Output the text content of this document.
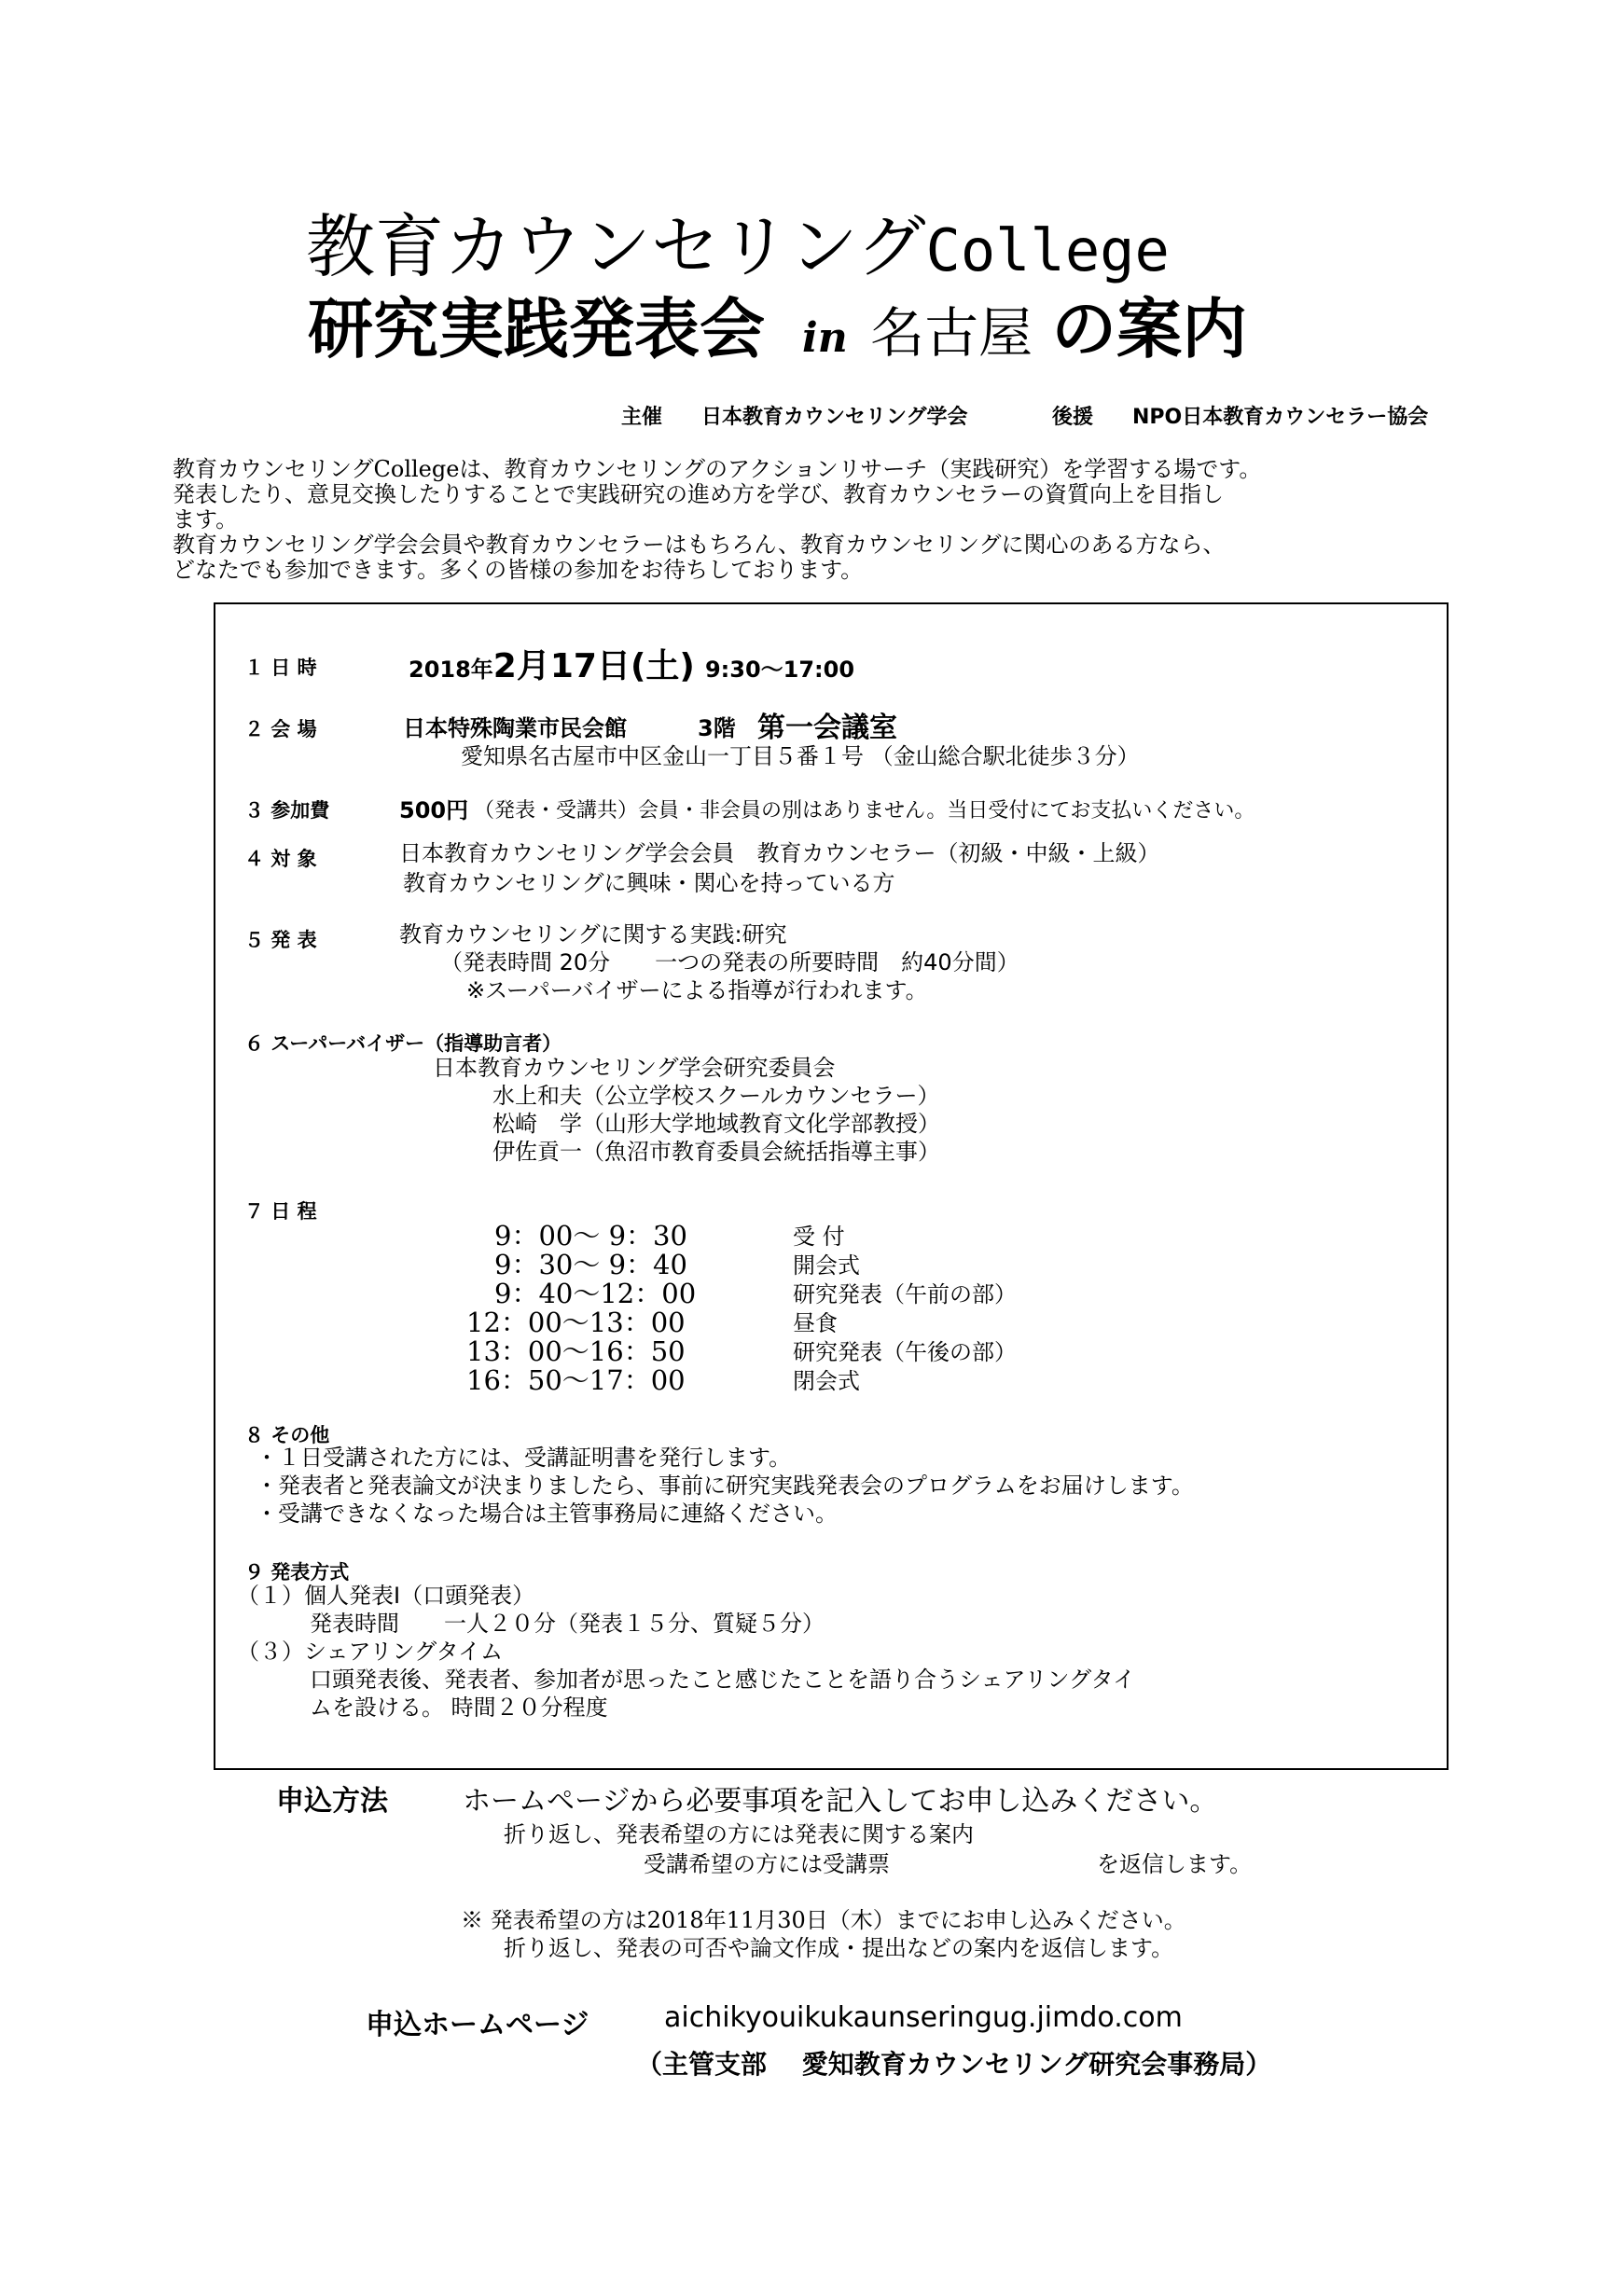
教育カウンセリングCollege
研究実践発表会 in 名古屋 の案内
主催 日本教育カウンセリング学会	後援 NPO日本教育カウンセラー協会
教育カウンセリングCollegeは、教育カウンセリングのアクションリサーチ（実践研究）を学習する場です。
発表したり、意見交換したりすることで実践研究の進め方を学び、教育カウンセラーの資質向上を目指し
ます。
教育カウンセリング学会会員や教育カウンセラーはもちろん、教育カウンセリングに関心のある方なら、
どなたでも参加できます。多くの皆様の参加をお待ちしております。
１ 日 時	2018年2月17日(土) 9:30〜17:00
２ 会 場	日本特殊陶業市民会館	3階 第一会議室
愛知県名古屋市中区金山一丁目５番１号 （金山総合駅北徒歩３分）
３ 参加費	500円 （発表・受講共）会員・非会員の別はありません。当日受付にてお支払いください。
４ 対 象	日本教育カウンセリング学会会員　教育カウンセラー（初級・中級・上級）
教育カウンセリングに興味・関心を持っている方
５ 発 表	教育カウンセリングに関する実践:研究
（発表時間 20分　　一つの発表の所要時間　約40分間）
※スーパーバイザーによる指導が行われます。
６ スーパーバイザー（指導助言者）
日本教育カウンセリング学会研究委員会
水上和夫（公立学校スクールカウンセラー）
松崎　学（山形大学地域教育文化学部教授）
伊佐貢一（魚沼市教育委員会統括指導主事）
７ 日 程
9：00〜 9：30	受 付
9：30〜 9：40	開会式
9：40〜12：00	研究発表（午前の部）
12：00〜13：00	昼食
13：00〜16：50	研究発表（午後の部）
16：50〜17：00	閉会式
８ その他
・１日受講された方には、受講証明書を発行します。
・発表者と発表論文が決まりましたら、事前に研究実践発表会のプログラムをお届けします。
・受講できなくなった場合は主管事務局に連絡ください。
９ 発表方式
（１）個人発表Ⅰ（口頭発表）
発表時間　　一人２０分（発表１５分、質疑５分）
（３）シェアリングタイム
口頭発表後、発表者、参加者が思ったこと感じたことを語り合うシェアリングタイ
ムを設ける。 時間２０分程度
申込方法	ホームページから必要事項を記入してお申し込みください。
折り返し、発表希望の方には発表に関する案内
受講希望の方には受講票	を返信します。
※ 発表希望の方は2018年11月30日（木）までにお申し込みください。
折り返し、発表の可否や論文作成・提出などの案内を返信します。
申込ホームページ	aichikyouikukaunseringug.jimdo.com
（主管支部　 愛知教育カウンセリング研究会事務局）
